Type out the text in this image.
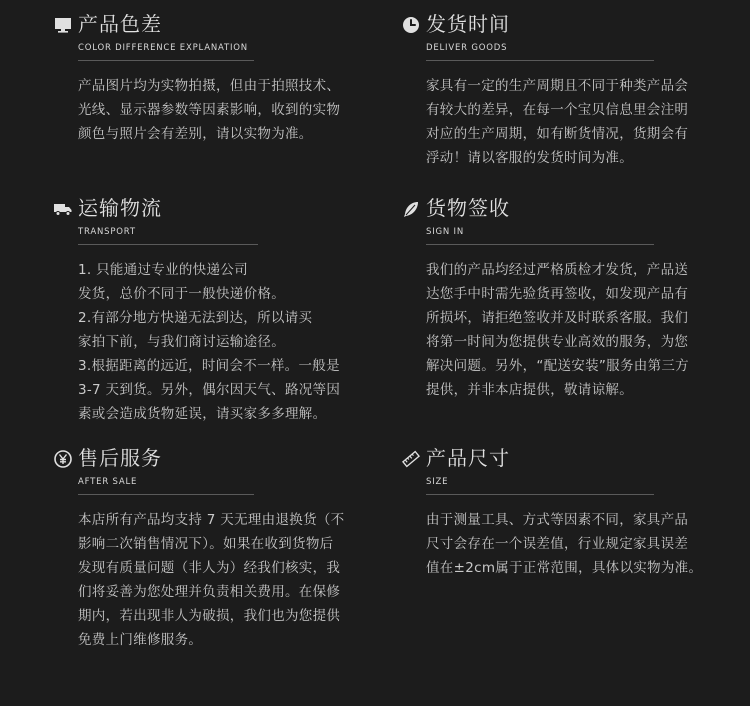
产品色差
COLOR DIFFERENCE EXPLANATION
产品图片均为实物拍摄，但由于拍照技术、
光线、显示器参数等因素影响，收到的实物
颜色与照片会有差别，请以实物为准。
发货时间
DELIVER GOODS
家具有一定的生产周期且不同于种类产品会
有较大的差异，在每一个宝贝信息里会注明
对应的生产周期，如有断货情况，货期会有
浮动！请以客服的发货时间为准。
运输物流
TRANSPORT
1. 只能通过专业的快递公司
发货，总价不同于一般快递价格。
2.有部分地方快递无法到达，所以请买
家拍下前，与我们商讨运输途径。
3.根据距离的远近，时间会不一样。一般是
3-7 天到货。另外，偶尔因天气、路况等因
素或会造成货物延误，请买家多多理解。
货物签收
SIGN IN
我们的产品均经过严格质检才发货，产品送
达您手中时需先验货再签收，如发现产品有
所损坏，请拒绝签收并及时联系客服。我们
将第一时间为您提供专业高效的服务，为您
解决问题。另外，“配送安装”服务由第三方
提供，并非本店提供，敬请谅解。
售后服务
AFTER SALE
本店所有产品均支持 7 天无理由退换货（不
影响二次销售情况下）。如果在收到货物后
发现有质量问题（非人为）经我们核实，我
们将妥善为您处理并负责相关费用。在保修
期内，若出现非人为破损，我们也为您提供
免费上门维修服务。
产品尺寸
SIZE
由于测量工具、方式等因素不同，家具产品
尺寸会存在一个误差值，行业规定家具误差
值在±2cm属于正常范围，具体以实物为准。
